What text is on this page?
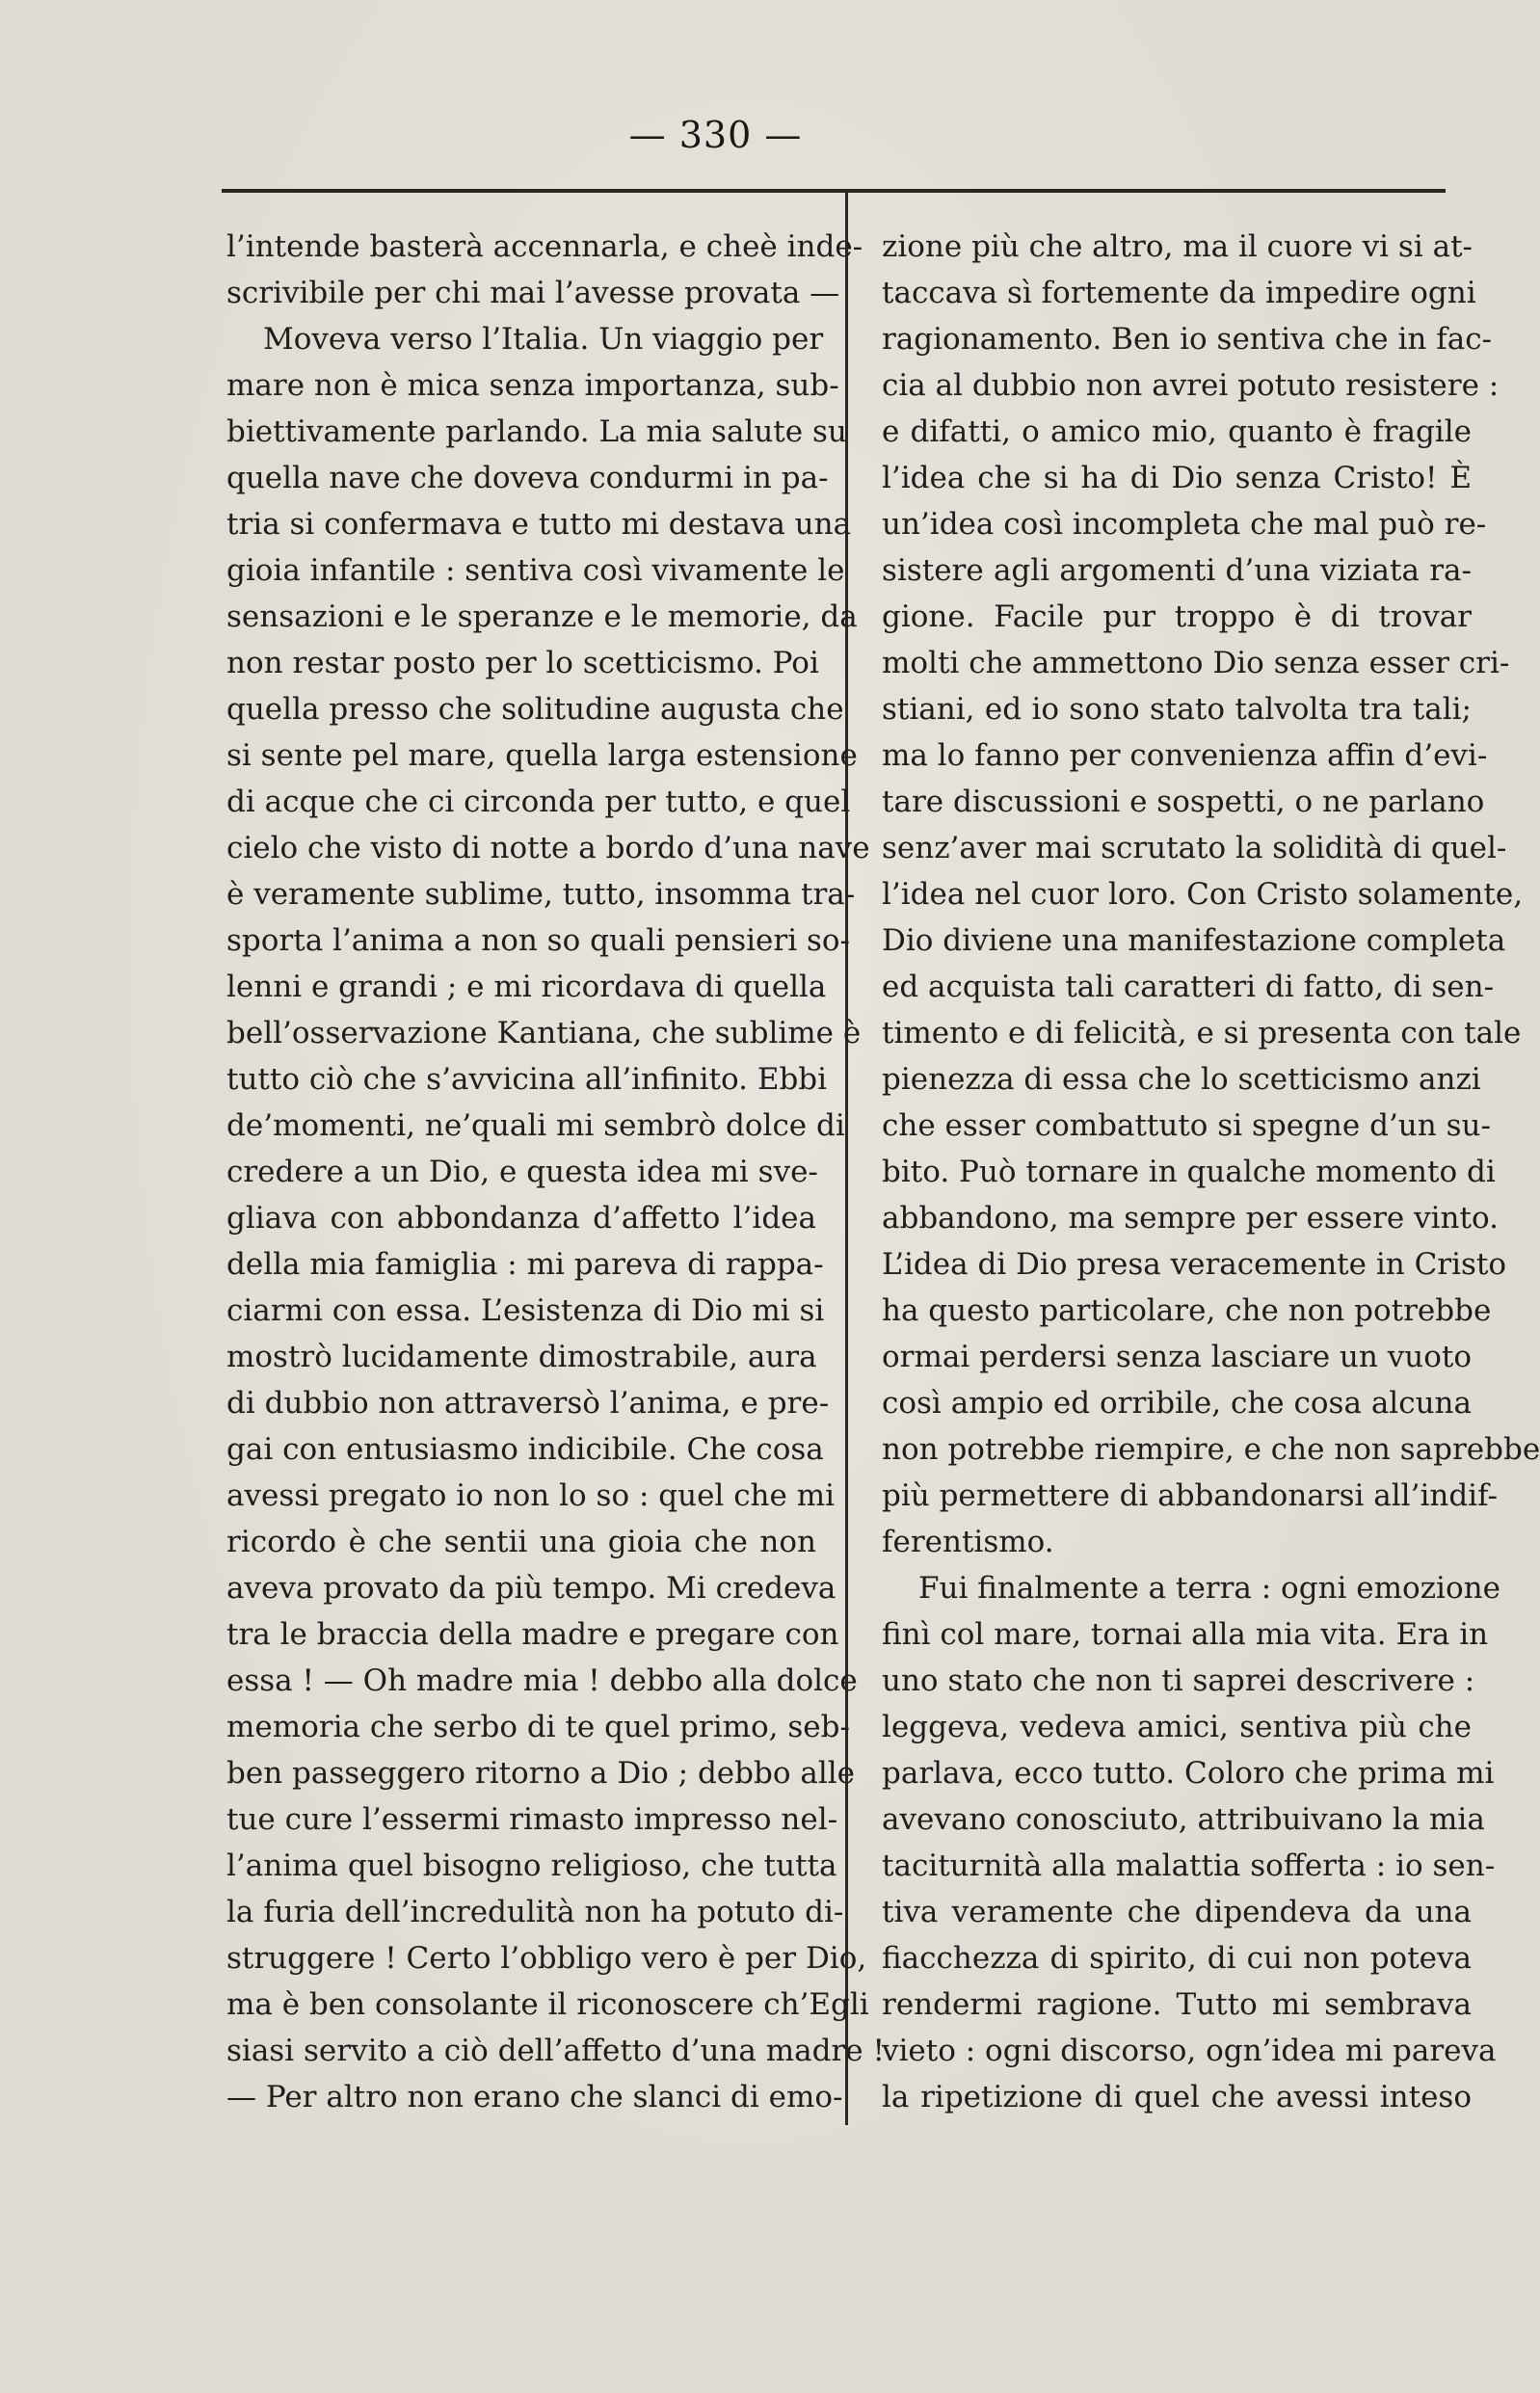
— 330 —
l’intende basterà accennarla, e cheè inde-
scrivibile per chi mai l’avesse provata —
Moveva verso l’Italia. Un viaggio per
mare non è mica senza importanza, sub-
biettivamente parlando. La mia salute su
quella nave che doveva condurmi in pa-
tria si confermava e tutto mi destava una
gioia infantile : sentiva così vivamente le
sensazioni e le speranze e le memorie, da
non restar posto per lo scetticismo. Poi
quella presso che solitudine augusta che
si sente pel mare, quella larga estensione
di acque che ci circonda per tutto, e quel
cielo che visto di notte a bordo d’una nave
è veramente sublime, tutto, insomma tra-
sporta l’anima a non so quali pensieri so-
lenni e grandi ; e mi ricordava di quella
bell’osservazione Kantiana, che sublime è
tutto ciò che s’avvicina all’infinito. Ebbi
de’momenti, ne’quali mi sembrò dolce di
credere a un Dio, e questa idea mi sve-
gliava con abbondanza d’affetto l’idea
della mia famiglia : mi pareva di rappa-
ciarmi con essa. L’esistenza di Dio mi si
mostrò lucidamente dimostrabile, aura
di dubbio non attraversò l’anima, e pre-
gai con entusiasmo indicibile. Che cosa
avessi pregato io non lo so : quel che mi
ricordo è che sentii una gioia che non
aveva provato da più tempo. Mi credeva
tra le braccia della madre e pregare con
essa ! — Oh madre mia ! debbo alla dolce
memoria che serbo di te quel primo, seb-
ben passeggero ritorno a Dio ; debbo alle
tue cure l’essermi rimasto impresso nel-
l’anima quel bisogno religioso, che tutta
la furia dell’incredulità non ha potuto di-
struggere ! Certo l’obbligo vero è per Dio,
ma è ben consolante il riconoscere ch’Egli
siasi servito a ciò dell’affetto d’una madre !
— Per altro non erano che slanci di emo-
zione più che altro, ma il cuore vi si at-
taccava sì fortemente da impedire ogni
ragionamento. Ben io sentiva che in fac-
cia al dubbio non avrei potuto resistere :
e difatti, o amico mio, quanto è fragile
l’idea che si ha di Dio senza Cristo! È
un’idea così incompleta che mal può re-
sistere agli argomenti d’una viziata ra-
gione. Facile pur troppo è di trovar
molti che ammettono Dio senza esser cri-
stiani, ed io sono stato talvolta tra tali;
ma lo fanno per convenienza affin d’evi-
tare discussioni e sospetti, o ne parlano
senz’aver mai scrutato la solidità di quel-
l’idea nel cuor loro. Con Cristo solamente,
Dio diviene una manifestazione completa
ed acquista tali caratteri di fatto, di sen-
timento e di felicità, e si presenta con tale
pienezza di essa che lo scetticismo anzi
che esser combattuto si spegne d’un su-
bito. Può tornare in qualche momento di
abbandono, ma sempre per essere vinto.
L’idea di Dio presa veracemente in Cristo
ha questo particolare, che non potrebbe
ormai perdersi senza lasciare un vuoto
così ampio ed orribile, che cosa alcuna
non potrebbe riempire, e che non saprebbe
più permettere di abbandonarsi all’indif-
ferentismo.
Fui finalmente a terra : ogni emozione
finì col mare, tornai alla mia vita. Era in
uno stato che non ti saprei descrivere :
leggeva, vedeva amici, sentiva più che
parlava, ecco tutto. Coloro che prima mi
avevano conosciuto, attribuivano la mia
taciturnità alla malattia sofferta : io sen-
tiva veramente che dipendeva da una
fiacchezza di spirito, di cui non poteva
rendermi ragione. Tutto mi sembrava
vieto : ogni discorso, ogn’idea mi pareva
la ripetizione di quel che avessi inteso
